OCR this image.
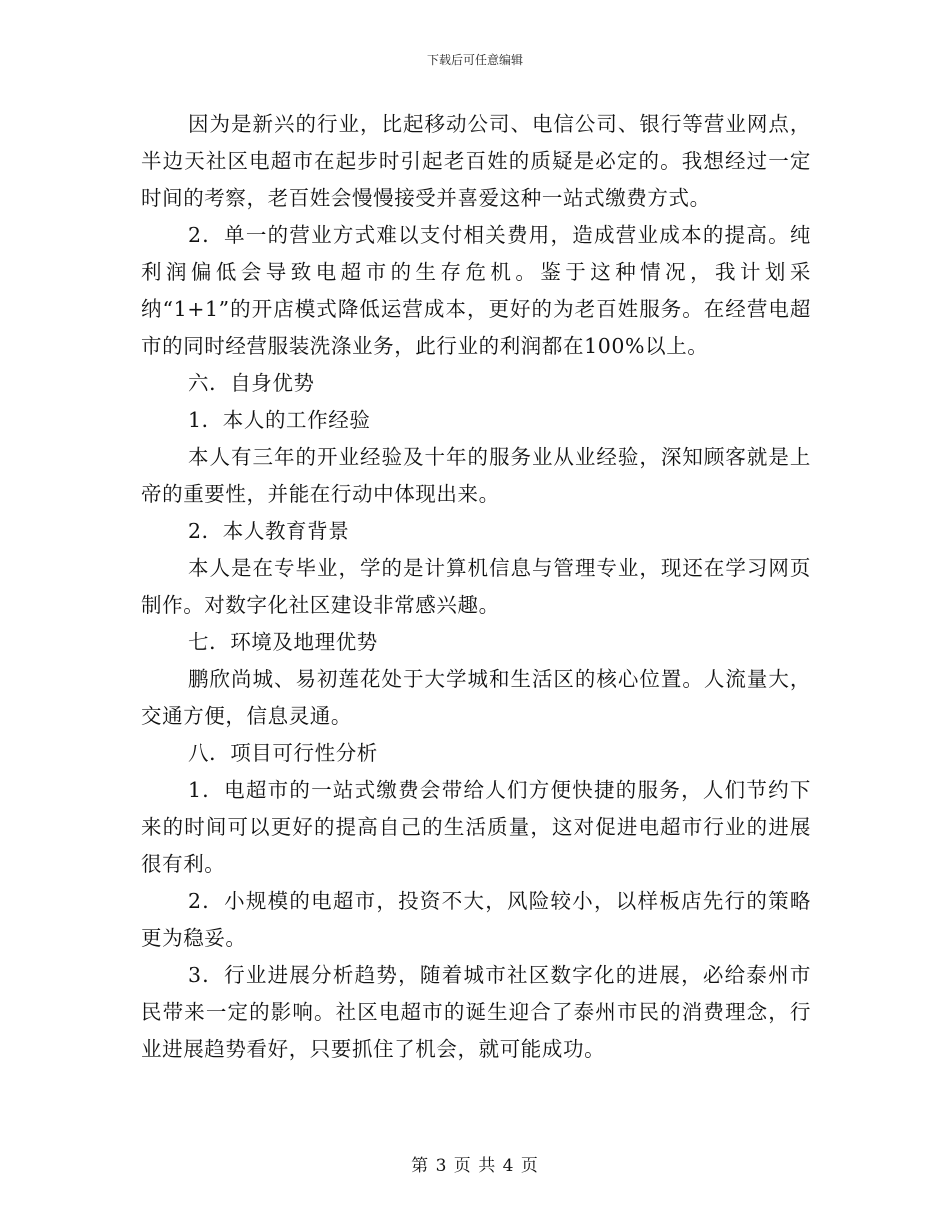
下载后可任意编辑

因为是新兴的行业，比起移动公司、电信公司、银行等营业网点，半边天社区电超市在起步时引起老百姓的质疑是必定的。我想经过一定时间的考察，老百姓会慢慢接受并喜爱这种一站式缴费方式。

2．单一的营业方式难以支付相关费用，造成营业成本的提高。纯利润偏低会导致电超市的生存危机。鉴于这种情况，我计划采纳“1+1”的开店模式降低运营成本，更好的为老百姓服务。在经营电超市的同时经营服装洗涤业务，此行业的利润都在100%以上。

六．自身优势

1．本人的工作经验

本人有三年的开业经验及十年的服务业从业经验，深知顾客就是上帝的重要性，并能在行动中体现出来。

2．本人教育背景

本人是在专毕业，学的是计算机信息与管理专业，现还在学习网页制作。对数字化社区建设非常感兴趣。

七．环境及地理优势

鹏欣尚城、易初莲花处于大学城和生活区的核心位置。人流量大，交通方便，信息灵通。

八．项目可行性分析

1．电超市的一站式缴费会带给人们方便快捷的服务，人们节约下来的时间可以更好的提高自己的生活质量，这对促进电超市行业的进展很有利。

2．小规模的电超市，投资不大，风险较小，以样板店先行的策略更为稳妥。

3．行业进展分析趋势，随着城市社区数字化的进展，必给泰州市民带来一定的影响。社区电超市的诞生迎合了泰州市民的消费理念，行业进展趋势看好，只要抓住了机会，就可能成功。

第 3 页 共 4 页
